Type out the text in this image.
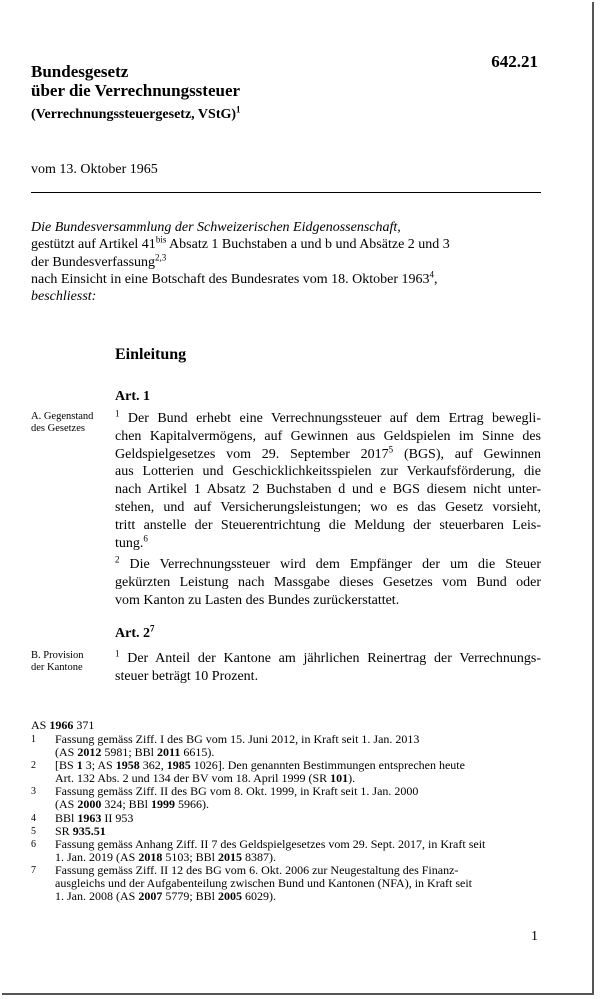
642.21
Bundesgesetz
über die Verrechnungssteuer
(Verrechnungssteuergesetz, VStG)$^1$
vom 13. Oktober 1965
Die Bundesversammlung der Schweizerischen Eidgenossenschaft,
gestützt auf Artikel $41^{bis}$ Absatz 1 Buchstaben a und b und Absätze 2 und 3
der Bundesverfassung$^{2,3}$
nach Einsicht in eine Botschaft des Bundesrates vom 18. Oktober 1963$^4$,
beschliesst:
Einleitung
Art. 1
A. Gegenstand
des Gesetzes
$^1$ Der Bund erhebt eine Verrechnungssteuer auf dem Ertrag bewegli-
chen Kapitalvermögens, auf Gewinnen aus Geldspielen im Sinne des
Geldspielgesetzes vom 29. September 2017$^5$ (BGS), auf Gewinnen
aus Lotterien und Geschicklichkeitsspielen zur Verkaufsförderung, die
nach Artikel 1 Absatz 2 Buchstaben d und e BGS diesem nicht unter-
stehen, und auf Versicherungsleistungen; wo es das Gesetz vorsieht,
tritt anstelle der Steuerentrichtung die Meldung der steuerbaren Leis-
tung.$^6$
$^2$ Die Verrechnungssteuer wird dem Empfänger der um die Steuer
gekürzten Leistung nach Massgabe dieses Gesetzes vom Bund oder
vom Kanton zu Lasten des Bundes zurückerstattet.
Art. $2^7$
B. Provision
der Kantone
$^1$ Der Anteil der Kantone am jährlichen Reinertrag der Verrechnungs-
steuer beträgt 10 Prozent.
AS 1966 371
1 Fassung gemäss Ziff. I des BG vom 15. Juni 2012, in Kraft seit 1. Jan. 2013
(AS 2012 5981; BBl 2011 6615).
2 [BS 1 3; AS 1958 362, 1985 1026]. Den genannten Bestimmungen entsprechen heute
Art. 132 Abs. 2 und 134 der BV vom 18. April 1999 (SR 101).
3 Fassung gemäss Ziff. II des BG vom 8. Okt. 1999, in Kraft seit 1. Jan. 2000
(AS 2000 324; BBl 1999 5966).
4 BBl 1963 II 953
5 SR 935.51
6 Fassung gemäss Anhang Ziff. II 7 des Geldspielgesetzes vom 29. Sept. 2017, in Kraft seit
1. Jan. 2019 (AS 2018 5103; BBl 2015 8387).
7 Fassung gemäss Ziff. II 12 des BG vom 6. Okt. 2006 zur Neugestaltung des Finanz-
ausgleichs und der Aufgabenteilung zwischen Bund und Kantonen (NFA), in Kraft seit
1. Jan. 2008 (AS 2007 5779; BBl 2005 6029).
1
